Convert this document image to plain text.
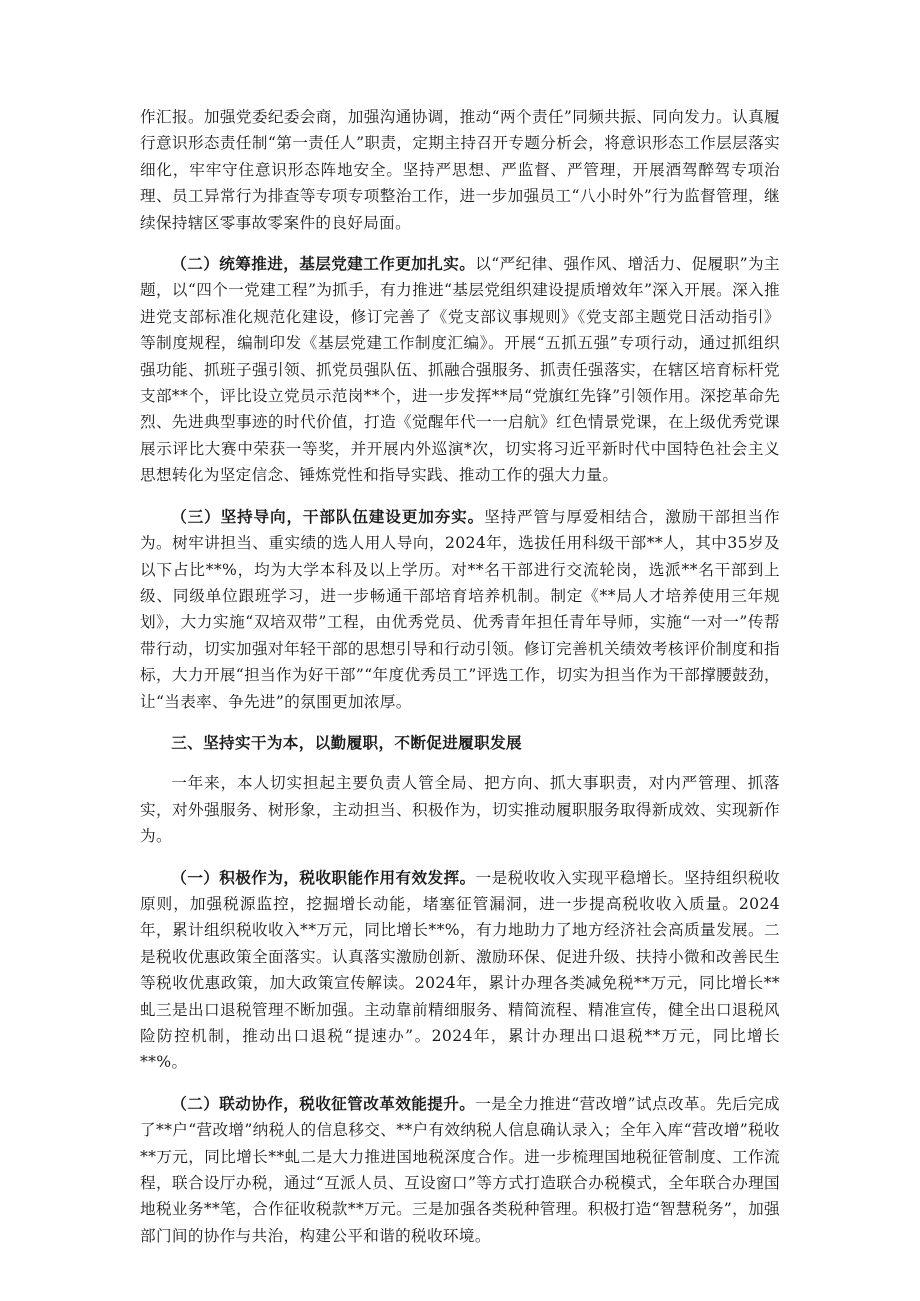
作汇报。加强党委纪委会商，加强沟通协调，推动“两个责任”同频共振、同向发力。认真履行意识形态责任制“第一责任人”职责，定期主持召开专题分析会，将意识形态工作层层落实细化，牢牢守住意识形态阵地安全。坚持严思想、严监督、严管理，开展酒驾醉驾专项治理、员工异常行为排查等专项专项整治工作，进一步加强员工“八小时外”行为监督管理，继续保持辖区零事故零案件的良好局面。

（二）统筹推进，基层党建工作更加扎实。以“严纪律、强作风、增活力、促履职”为主题，以“四个一党建工程”为抓手，有力推进“基层党组织建设提质增效年”深入开展。深入推进党支部标准化规范化建设，修订完善了《党支部议事规则》《党支部主题党日活动指引》等制度规程，编制印发《基层党建工作制度汇编》。开展“五抓五强”专项行动，通过抓组织强功能、抓班子强引领、抓党员强队伍、抓融合强服务、抓责任强落实，在辖区培育标杆党支部**个，评比设立党员示范岗**个，进一步发挥**局“党旗红先锋”引领作用。深挖革命先烈、先进典型事迹的时代价值，打造《觉醒年代一一启航》红色情景党课，在上级优秀党课展示评比大赛中荣获一等奖，并开展内外巡演*次，切实将习近平新时代中国特色社会主义思想转化为坚定信念、锤炼党性和指导实践、推动工作的强大力量。

（三）坚持导向，干部队伍建设更加夯实。坚持严管与厚爱相结合，激励干部担当作为。树牢讲担当、重实绩的选人用人导向，2024年，选拔任用科级干部**人，其中35岁及以下占比**%，均为大学本科及以上学历。对**名干部进行交流轮岗，选派**名干部到上级、同级单位跟班学习，进一步畅通干部培育培养机制。制定《**局人才培养使用三年规划》，大力实施“双培双带”工程，由优秀党员、优秀青年担任青年导师，实施“一对一”传帮带行动，切实加强对年轻干部的思想引导和行动引领。修订完善机关绩效考核评价制度和指标，大力开展“担当作为好干部”“年度优秀员工”评选工作，切实为担当作为干部撑腰鼓劲，让“当表率、争先进”的氛围更加浓厚。

三、坚持实干为本，以勤履职，不断促进履职发展

一年来，本人切实担起主要负责人管全局、把方向、抓大事职责，对内严管理、抓落实，对外强服务、树形象，主动担当、积极作为，切实推动履职服务取得新成效、实现新作为。

（一）积极作为，税收职能作用有效发挥。一是税收收入实现平稳增长。坚持组织税收原则，加强税源监控，挖掘增长动能，堵塞征管漏洞，进一步提高税收收入质量。2024年，累计组织税收收入**万元，同比增长**%，有力地助力了地方经济社会高质量发展。二是税收优惠政策全面落实。认真落实激励创新、激励环保、促进升级、扶持小微和改善民生等税收优惠政策，加大政策宣传解读。2024年，累计办理各类减免税**万元，同比增长**虬三是出口退税管理不断加强。主动靠前精细服务、精简流程、精准宣传，健全出口退税风险防控机制，推动出口退税“提速办”。2024年，累计办理出口退税**万元，同比增长**%。

（二）联动协作，税收征管改革效能提升。一是全力推进“营改增”试点改革。先后完成了**户“营改增”纳税人的信息移交、**户有效纳税人信息确认录入；全年入库“营改增”税收**万元，同比增长**虬二是大力推进国地税深度合作。进一步梳理国地税征管制度、工作流程，联合设厅办税，通过“互派人员、互设窗口”等方式打造联合办税模式，全年联合办理国地税业务**笔，合作征收税款**万元。三是加强各类税种管理。积极打造“智慧税务”，加强部门间的协作与共治，构建公平和谐的税收环境。
